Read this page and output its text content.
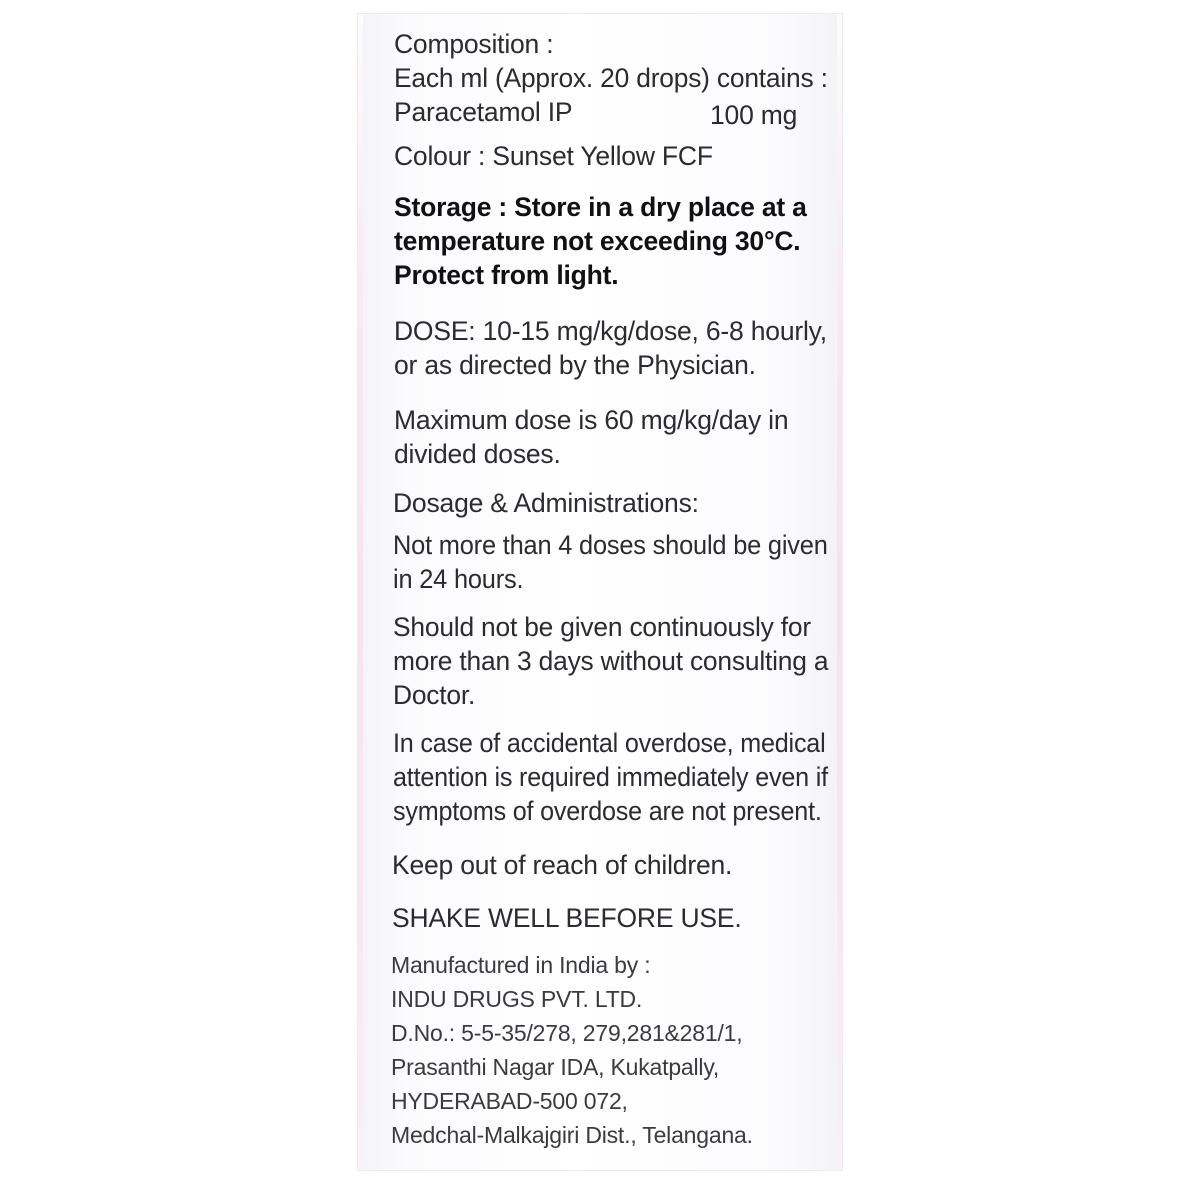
Composition :

Each ml (Approx. 20 drops) contains :

Paracetamol IP	100 mg

Colour : Sunset Yellow FCF

Storage : Store in a dry place at a
temperature not exceeding 30°C.
Protect from light.
DOSE: 10-15 mg/kg/dose, 6-8 hourly,
or as directed by the Physician.
Maximum dose is 60 mg/kg/day in
divided doses.

Dosage & Administrations:

Not more than 4 doses should be given
in 24 hours.
Should not be given continuously for
more than 3 days without consulting a
Doctor.
In case of accidental overdose, medical
attention is required immediately even if
symptoms of overdose are not present.

Keep out of reach of children.

SHAKE WELL BEFORE USE.

Manufactured in India by :
INDU DRUGS PVT. LTD.
D.No.: 5-5-35/278, 279,281&281/1,
Prasanthi Nagar IDA, Kukatpally,
HYDERABAD-500 072,
Medchal-Malkajgiri Dist., Telangana.
